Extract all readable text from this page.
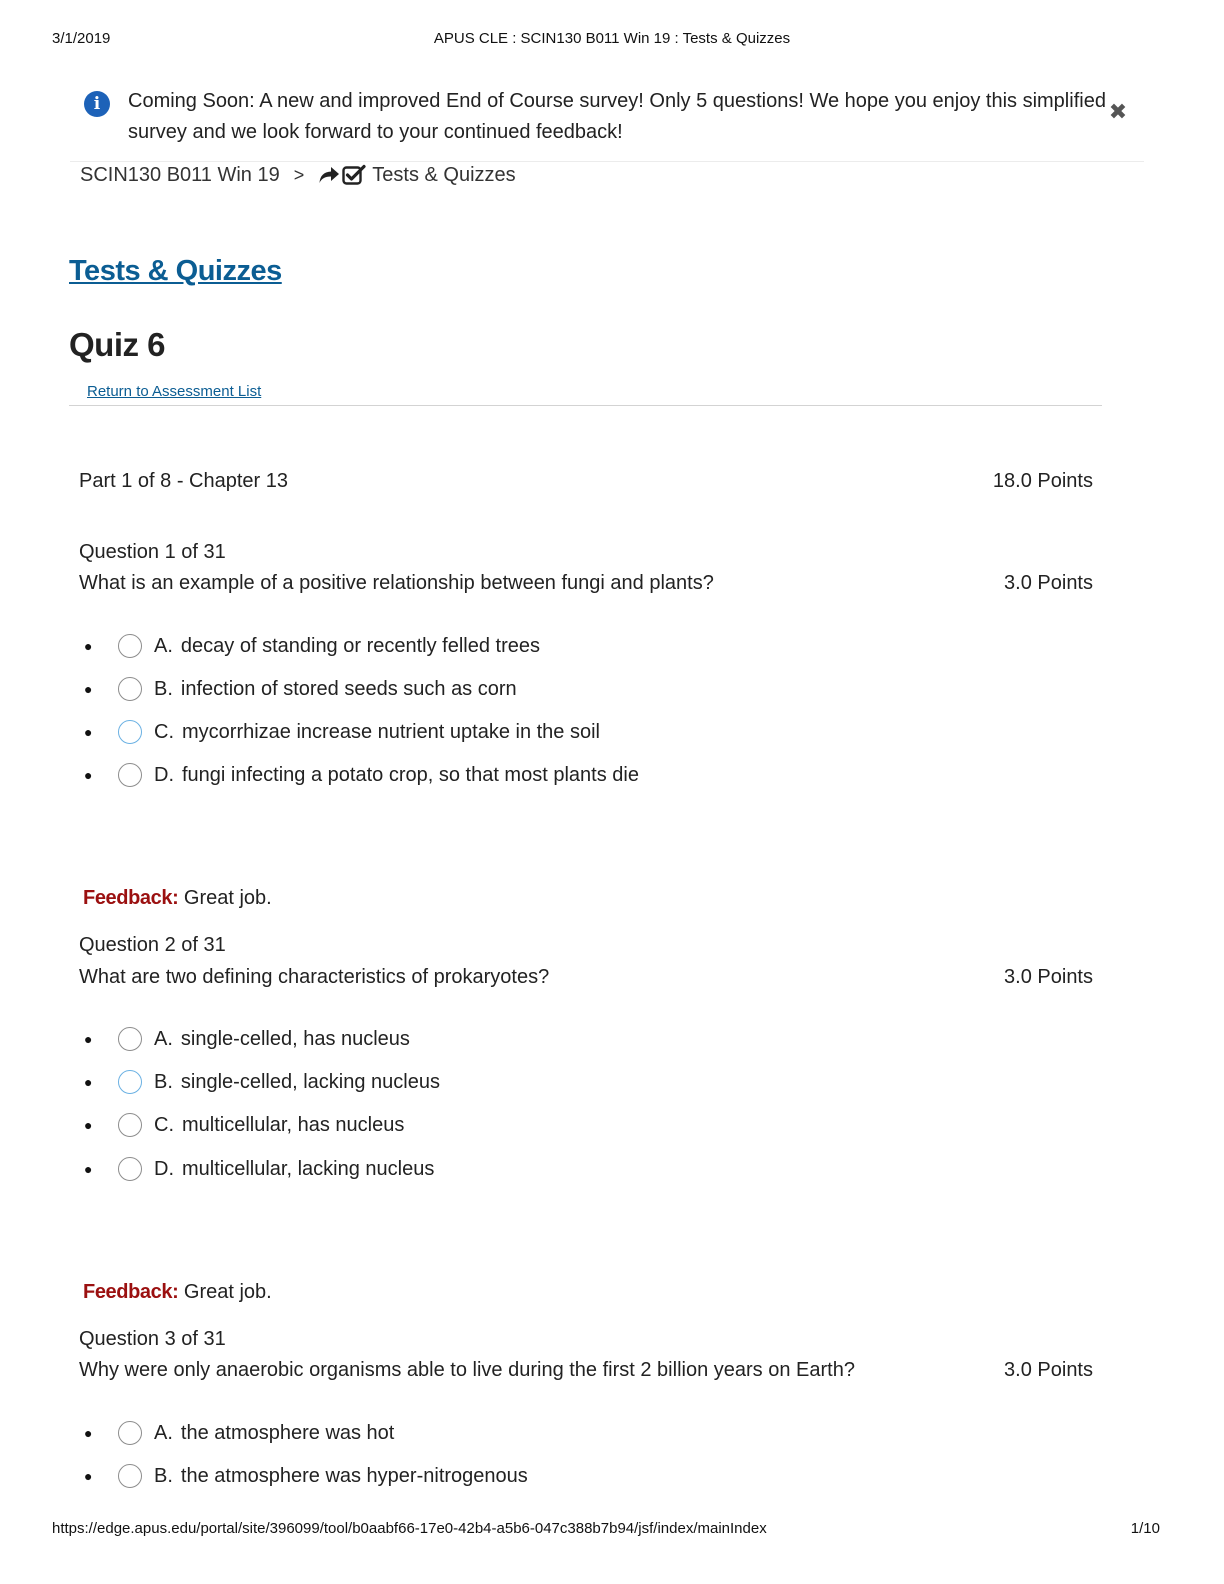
3/1/2019	APUS CLE : SCIN130 B011 Win 19 : Tests & Quizzes
i	Coming Soon: A new and improved End of Course survey! Only 5 questions! We hope you enjoy this simplified survey and we look forward to your continued feedback!
✖
SCIN130 B011 Win 19 >	Tests & Quizzes
Tests & Quizzes
Quiz 6
Return to Assessment List
Part 1 of 8 - Chapter 13	18.0 Points
Question 1 of 31
What is an example of a positive relationship between fungi and plants?	3.0 Points
●	A. decay of standing or recently felled trees
●	B. infection of stored seeds such as corn
●	C. mycorrhizae increase nutrient uptake in the soil
●	D. fungi infecting a potato crop, so that most plants die
Feedback: Great job.
Question 2 of 31
What are two defining characteristics of prokaryotes?	3.0 Points
●	A. single-celled, has nucleus
●	B. single-celled, lacking nucleus
●	C. multicellular, has nucleus
●	D. multicellular, lacking nucleus
Feedback: Great job.
Question 3 of 31
Why were only anaerobic organisms able to live during the first 2 billion years on Earth?	3.0 Points
●	A. the atmosphere was hot
●	B. the atmosphere was hyper-nitrogenous
https://edge.apus.edu/portal/site/396099/tool/b0aabf66-17e0-42b4-a5b6-047c388b7b94/jsf/index/mainIndex	1/10
